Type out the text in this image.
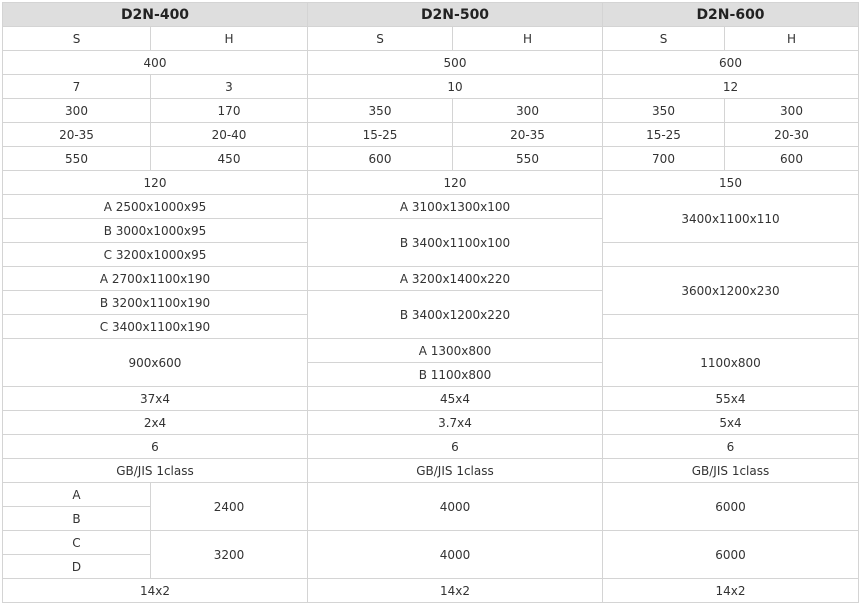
D2N-400		D2N-500		D2N-600	
S	H	S	H	S	H
400		500		600	
7	3	10		12	
300	170	350	300	350	300
20-35	20-40	15-25	20-35	15-25	20-30
550	450	600	550	700	600
120		120		150	
A 2500x1000x95		A 3100x1300x100		3400x1100x110	
B 3000x1000x95		B 3400x1100x100			
C 3200x1000x95					
A 2700x1100x190		A 3200x1400x220		3600x1200x230	
B 3200x1100x190		B 3400x1200x220			
C 3400x1100x190					
900x600		A 1300x800		1100x800	
		B 1100x800			
37x4		45x4		55x4	
2x4		3.7x4		5x4	
6		6		6	
GB/JIS 1class		GB/JIS 1class		GB/JIS 1class	
A	2400	4000		6000	
B					
C	3200	4000		6000	
D					
14x2		14x2		14x2	
